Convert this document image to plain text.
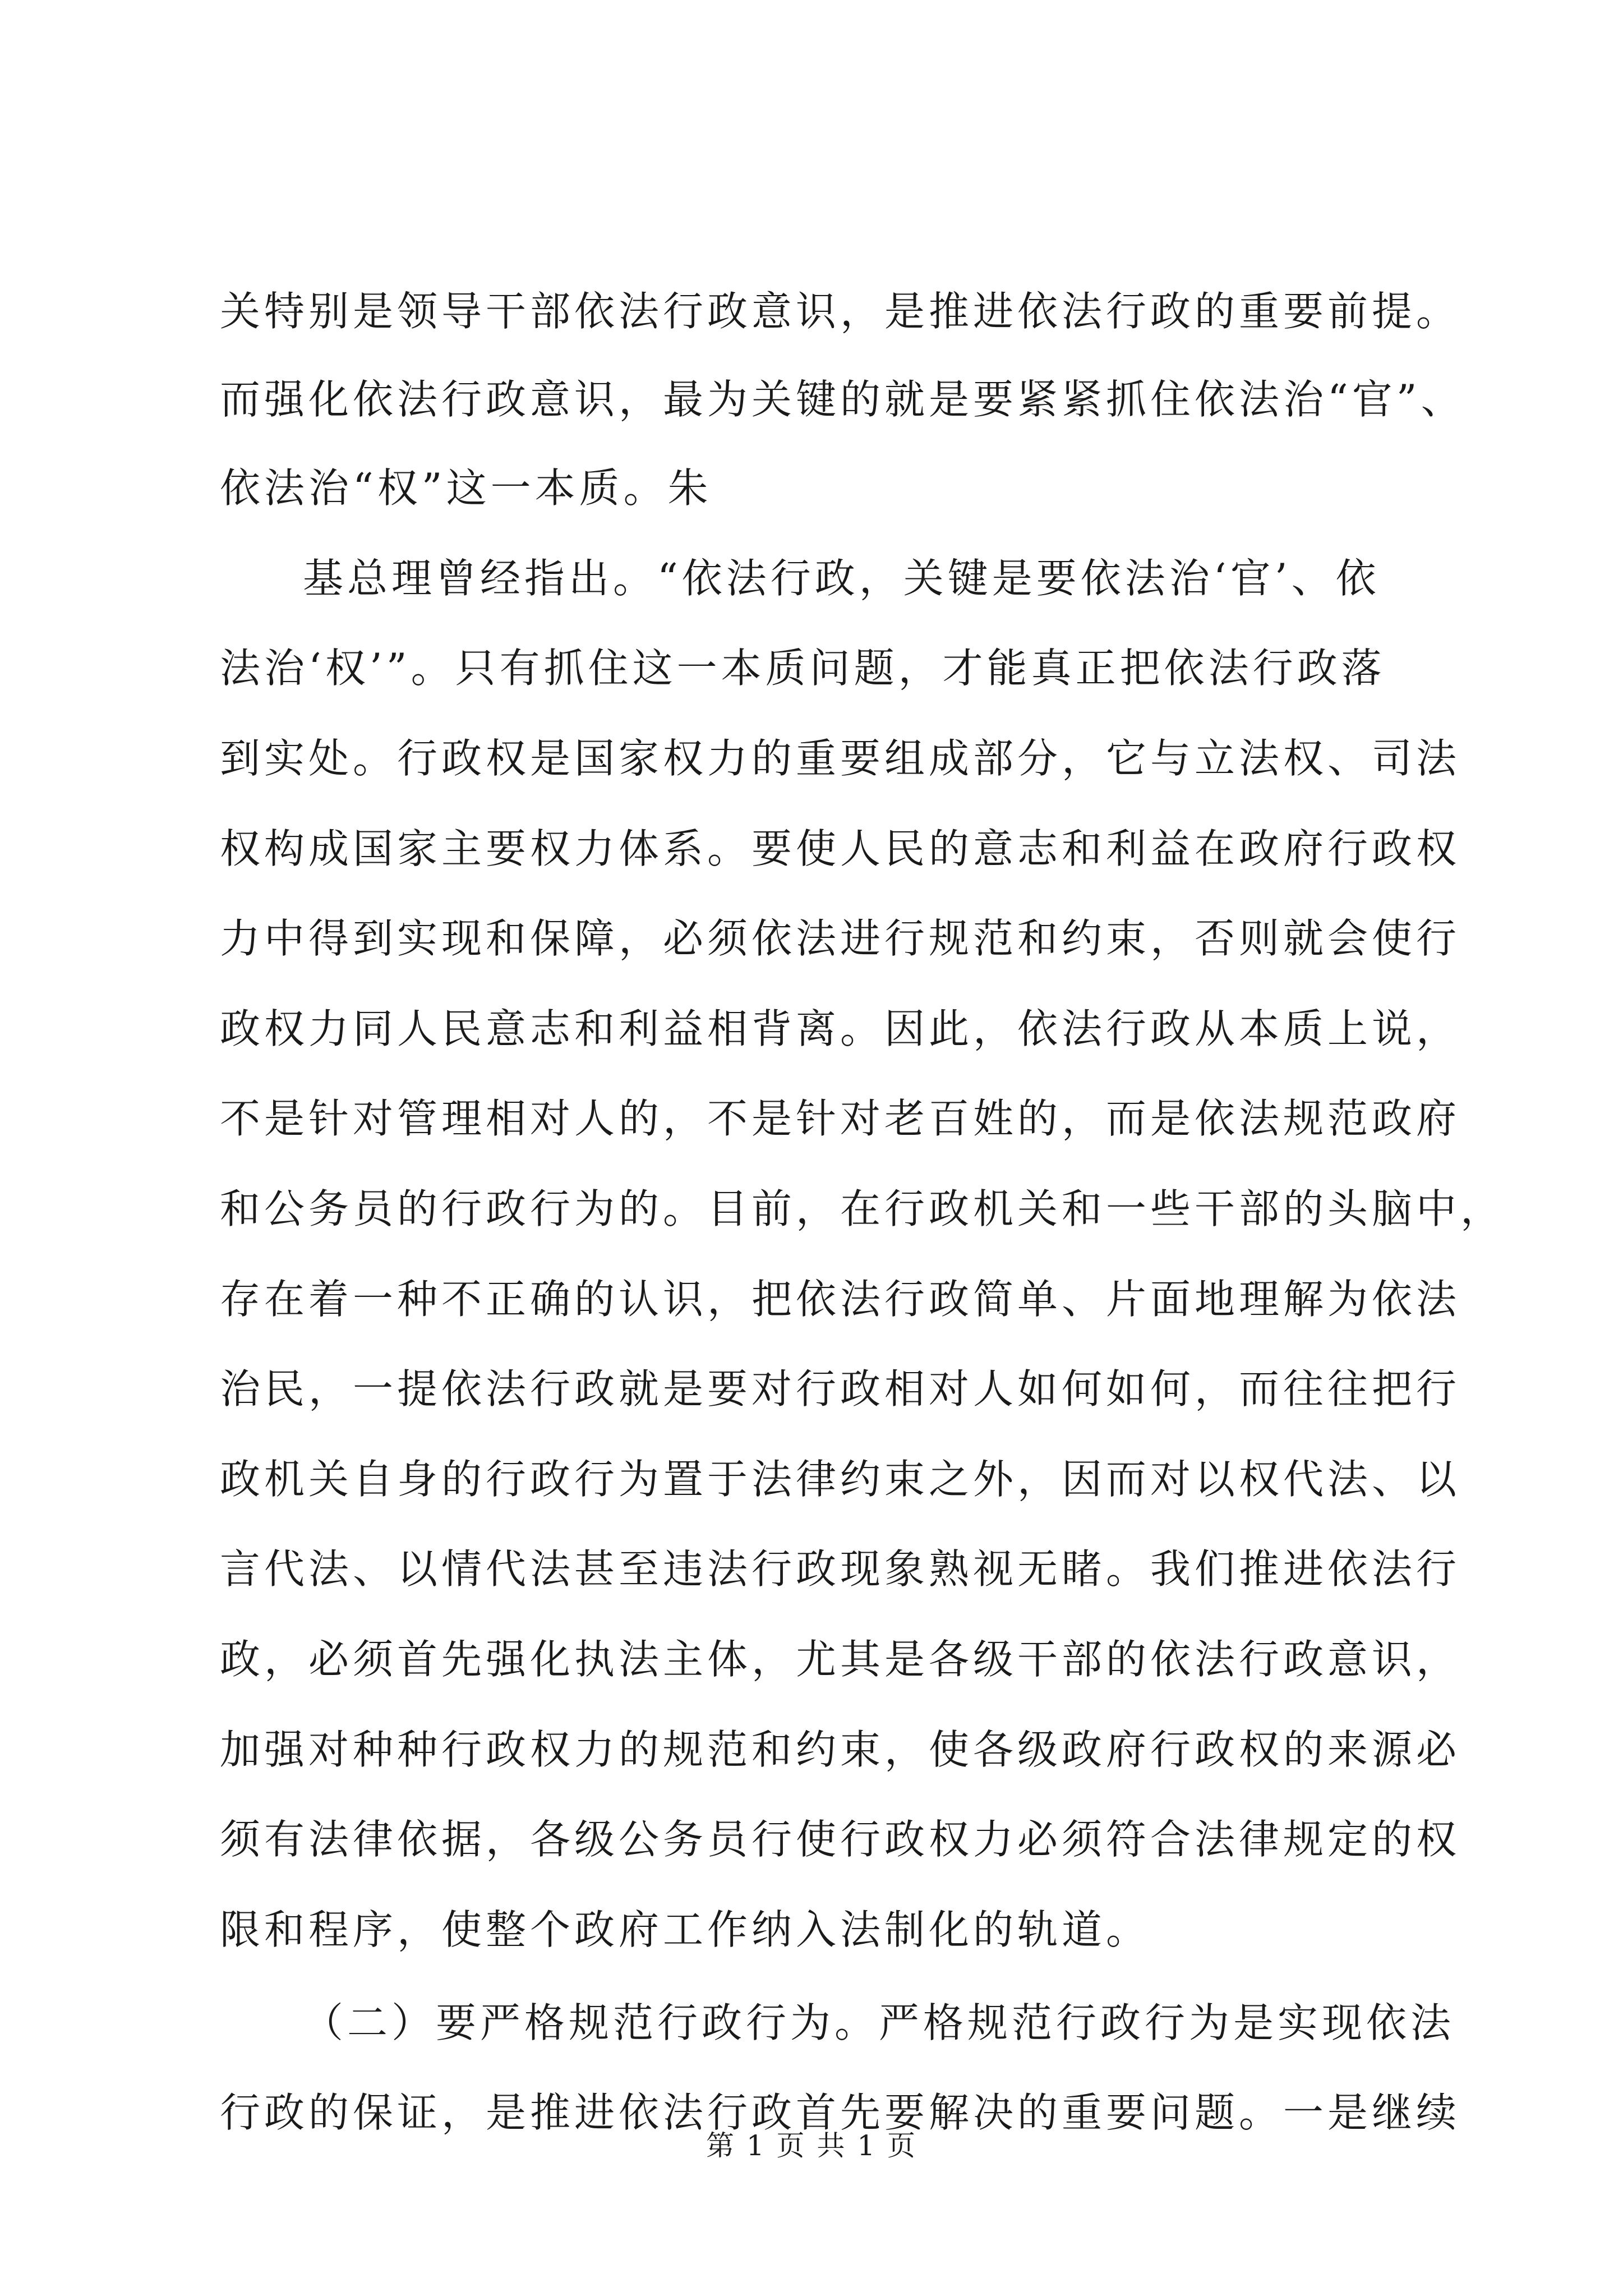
关特别是领导干部依法行政意识，是推进依法行政的重要前提。
而强化依法行政意识，最为关键的就是要紧紧抓住依法治“官”、
依法治“权”这一本质。朱
基总理曾经指出。“依法行政，关键是要依法治‘官’、依
法治‘权’”。只有抓住这一本质问题，才能真正把依法行政落
到实处。行政权是国家权力的重要组成部分，它与立法权、司法
权构成国家主要权力体系。要使人民的意志和利益在政府行政权
力中得到实现和保障，必须依法进行规范和约束，否则就会使行
政权力同人民意志和利益相背离。因此，依法行政从本质上说，
不是针对管理相对人的，不是针对老百姓的，而是依法规范政府
和公务员的行政行为的。目前，在行政机关和一些干部的头脑中，
存在着一种不正确的认识，把依法行政简单、片面地理解为依法
治民，一提依法行政就是要对行政相对人如何如何，而往往把行
政机关自身的行政行为置于法律约束之外，因而对以权代法、以
言代法、以情代法甚至违法行政现象熟视无睹。我们推进依法行
政，必须首先强化执法主体，尤其是各级干部的依法行政意识，
加强对种种行政权力的规范和约束，使各级政府行政权的来源必
须有法律依据，各级公务员行使行政权力必须符合法律规定的权
限和程序，使整个政府工作纳入法制化的轨道。
（二）要严格规范行政行为。严格规范行政行为是实现依法
行政的保证，是推进依法行政首先要解决的重要问题。一是继续
第 1 页 共 1 页
